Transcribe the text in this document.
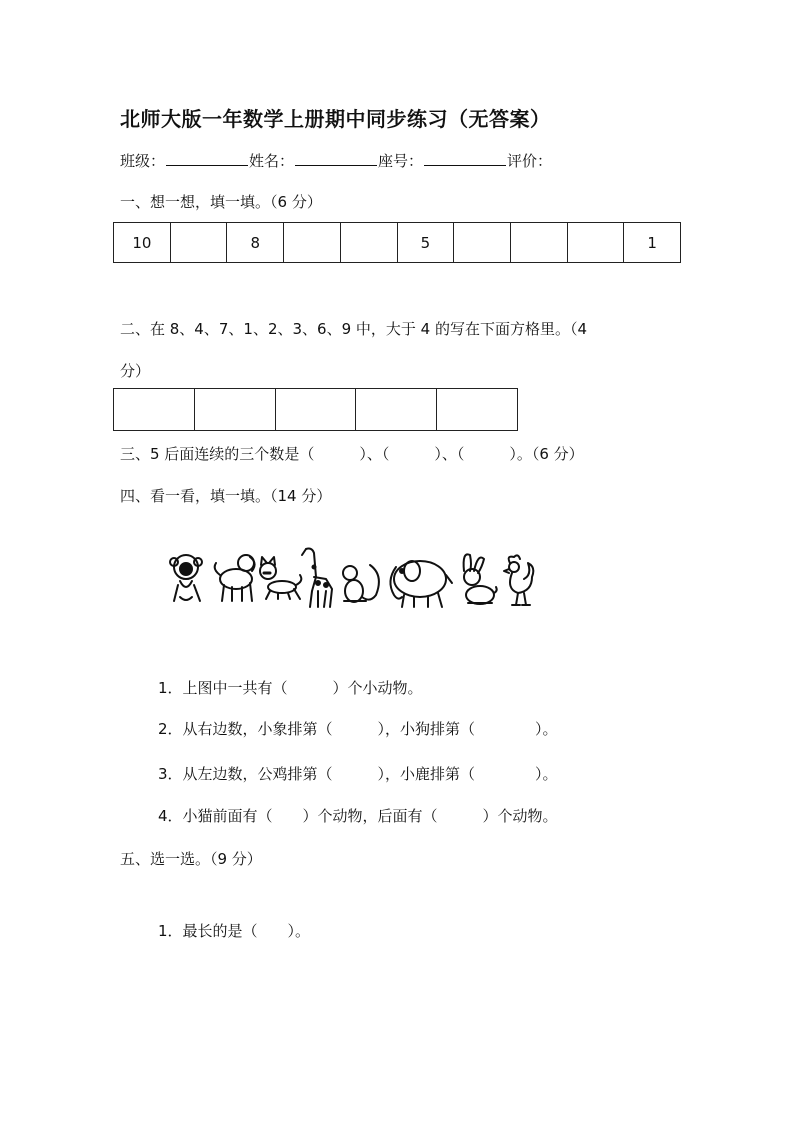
北师大版一年数学上册期中同步练习（无答案）
班级：	姓名：	座号：	评价：
一、想一想，填一填。（6 分）
10		8			5				1
二、在 8、4、7、1、2、3、6、9 中，大于 4 的写在下面方格里。（4
分）

三、5 后面连续的三个数是（　　　）、（　　　）、（　　　）。（6 分）
四、看一看，填一填。（14 分）
1．上图中一共有（　　　）个小动物。
2．从右边数，小象排第（　　　），小狗排第（　　　　）。
3．从左边数，公鸡排第（　　　），小鹿排第（　　　　）。
4．小猫前面有（　　）个动物，后面有（　　　）个动物。
五、选一选。（9 分）
1．最长的是（　　）。
